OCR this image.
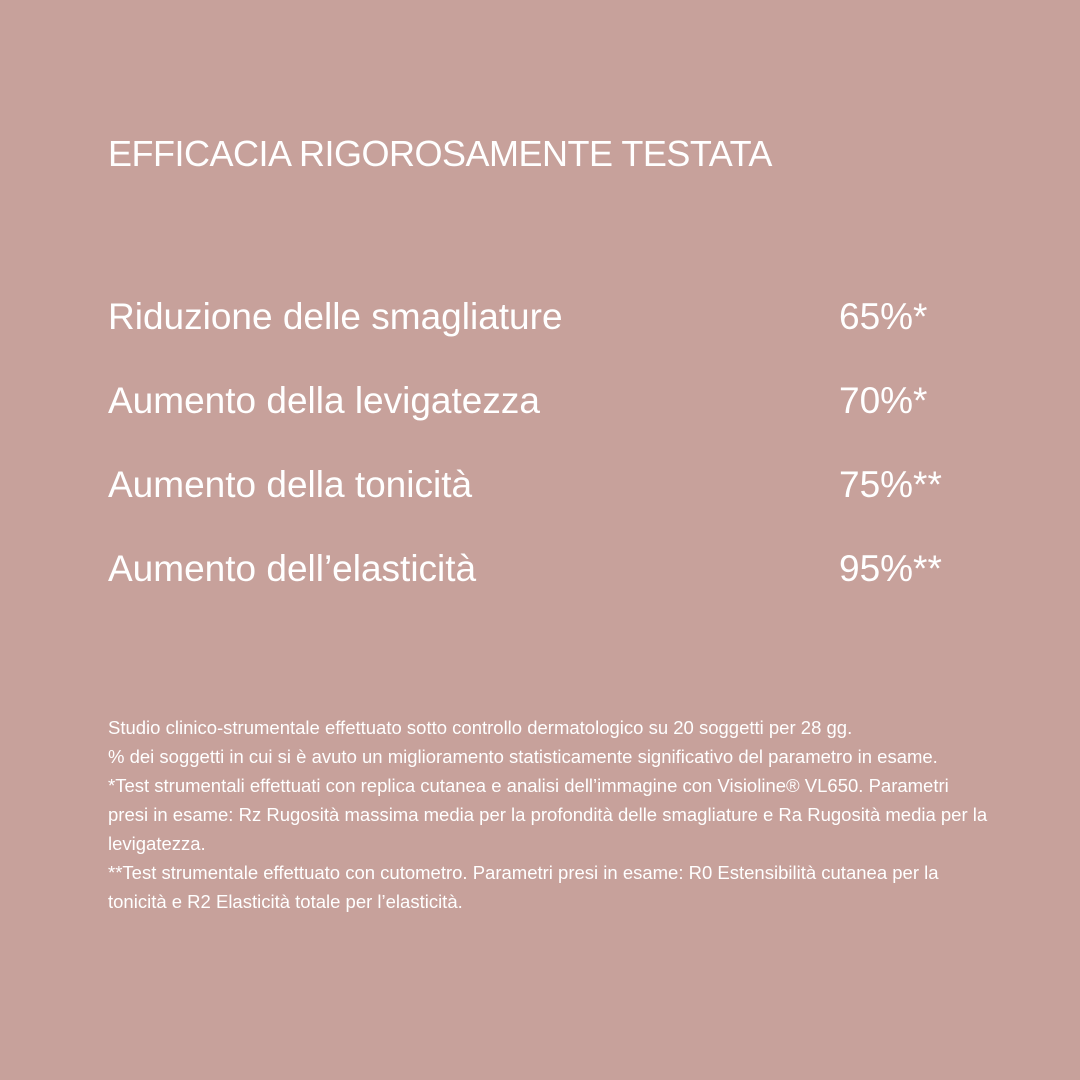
EFFICACIA RIGOROSAMENTE TESTATA
Riduzione delle smagliature	65%*
Aumento della levigatezza	70%*
Aumento della tonicità	75%**
Aumento dell’elasticità	95%**
Studio clinico-strumentale effettuato sotto controllo dermatologico su 20 soggetti per 28 gg.
% dei soggetti in cui si è avuto un miglioramento statisticamente significativo del parametro in esame.
*Test strumentali effettuati con replica cutanea e analisi dell’immagine con Visioline® VL650. Parametri presi in esame: Rz Rugosità massima media per la profondità delle smagliature e Ra Rugosità media per la levigatezza.
**Test strumentale effettuato con cutometro. Parametri presi in esame: R0 Estensibilità cutanea per la tonicità e R2 Elasticità totale per l’elasticità.
